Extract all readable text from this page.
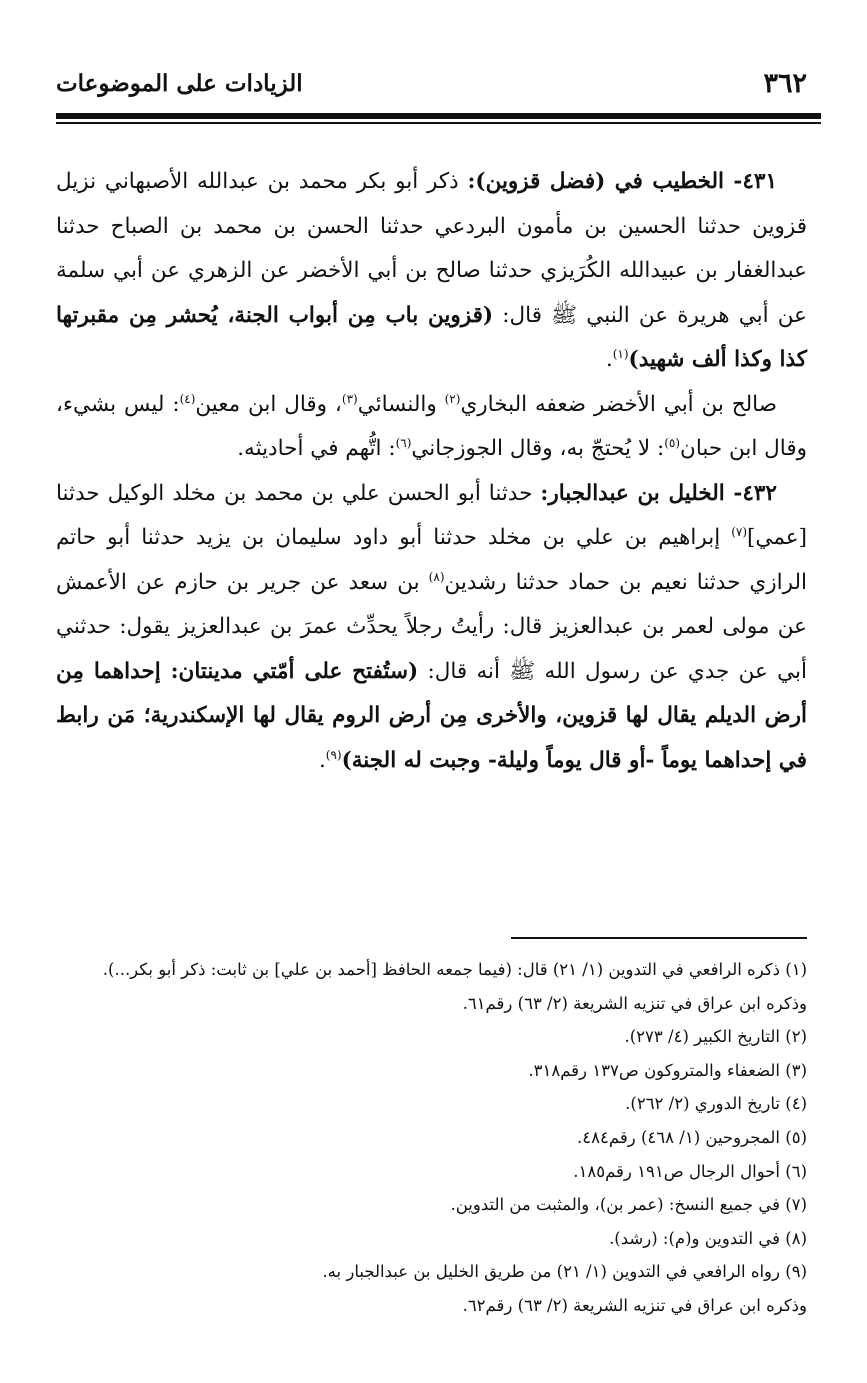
٣٦٢
الزيادات على الموضوعات

٤٣١- الخطيب في (فضل قزوين): ذكر أبو بكر محمد بن عبدالله الأصبهاني نزيل قزوين حدثنا الحسين بن مأمون البردعي حدثنا الحسن بن محمد بن الصباح حدثنا عبدالغفار بن عبيدالله الكُرَيزي حدثنا صالح بن أبي الأخضر عن الزهري عن أبي سلمة عن أبي هريرة عن النبي ﷺ قال: (قزوين باب مِن أبواب الجنة، يُحشر مِن مقبرتها كذا وكذا ألف شهيد)$^{(١)}$.

صالح بن أبي الأخضر ضعفه البخاري$^{(٢)}$ والنسائي$^{(٣)}$، وقال ابن معين$^{(٤)}$: ليس بشيء، وقال ابن حبان$^{(٥)}$: لا يُحتجّ به، وقال الجوزجاني$^{(٦)}$: اتُّهم في أحاديثه.

٤٣٢- الخليل بن عبدالجبار: حدثنا أبو الحسن علي بن محمد بن مخلد الوكيل حدثنا [عمي]$^{(٧)}$ إبراهيم بن علي بن مخلد حدثنا أبو داود سليمان بن يزيد حدثنا أبو حاتم الرازي حدثنا نعيم بن حماد حدثنا رشدين$^{(٨)}$ بن سعد عن جرير بن حازم عن الأعمش عن مولى لعمر بن عبدالعزيز قال: رأيتُ رجلاً يحدِّث عمرَ بن عبدالعزيز يقول: حدثني أبي عن جدي عن رسول الله ﷺ أنه قال: (ستُفتح على أمّتي مدينتان: إحداهما مِن أرض الديلم يقال لها قزوين، والأخرى مِن أرض الروم يقال لها الإسكندرية؛ مَن رابط في إحداهما يوماً -أو قال يوماً وليلة- وجبت له الجنة)$^{(٩)}$.

(١) ذكره الرافعي في التدوين (١/ ٢١) قال: (فيما جمعه الحافظ [أحمد بن علي] بن ثابت: ذكر أبو بكر...).
وذكره ابن عراق في تنزيه الشريعة (٢/ ٦٣) رقم٦١.
(٢) التاريخ الكبير (٤/ ٢٧٣).
(٣) الضعفاء والمتروكون ص١٣٧ رقم٣١٨.
(٤) تاريخ الدوري (٢/ ٢٦٢).
(٥) المجروحين (١/ ٤٦٨) رقم٤٨٤.
(٦) أحوال الرجال ص١٩١ رقم١٨٥.
(٧) في جميع النسخ: (عمر بن)، والمثبت من التدوين.
(٨) في التدوين و(م): (رشد).
(٩) رواه الرافعي في التدوين (١/ ٢١) من طريق الخليل بن عبدالجبار به.
وذكره ابن عراق في تنزيه الشريعة (٢/ ٦٣) رقم٦٢.
